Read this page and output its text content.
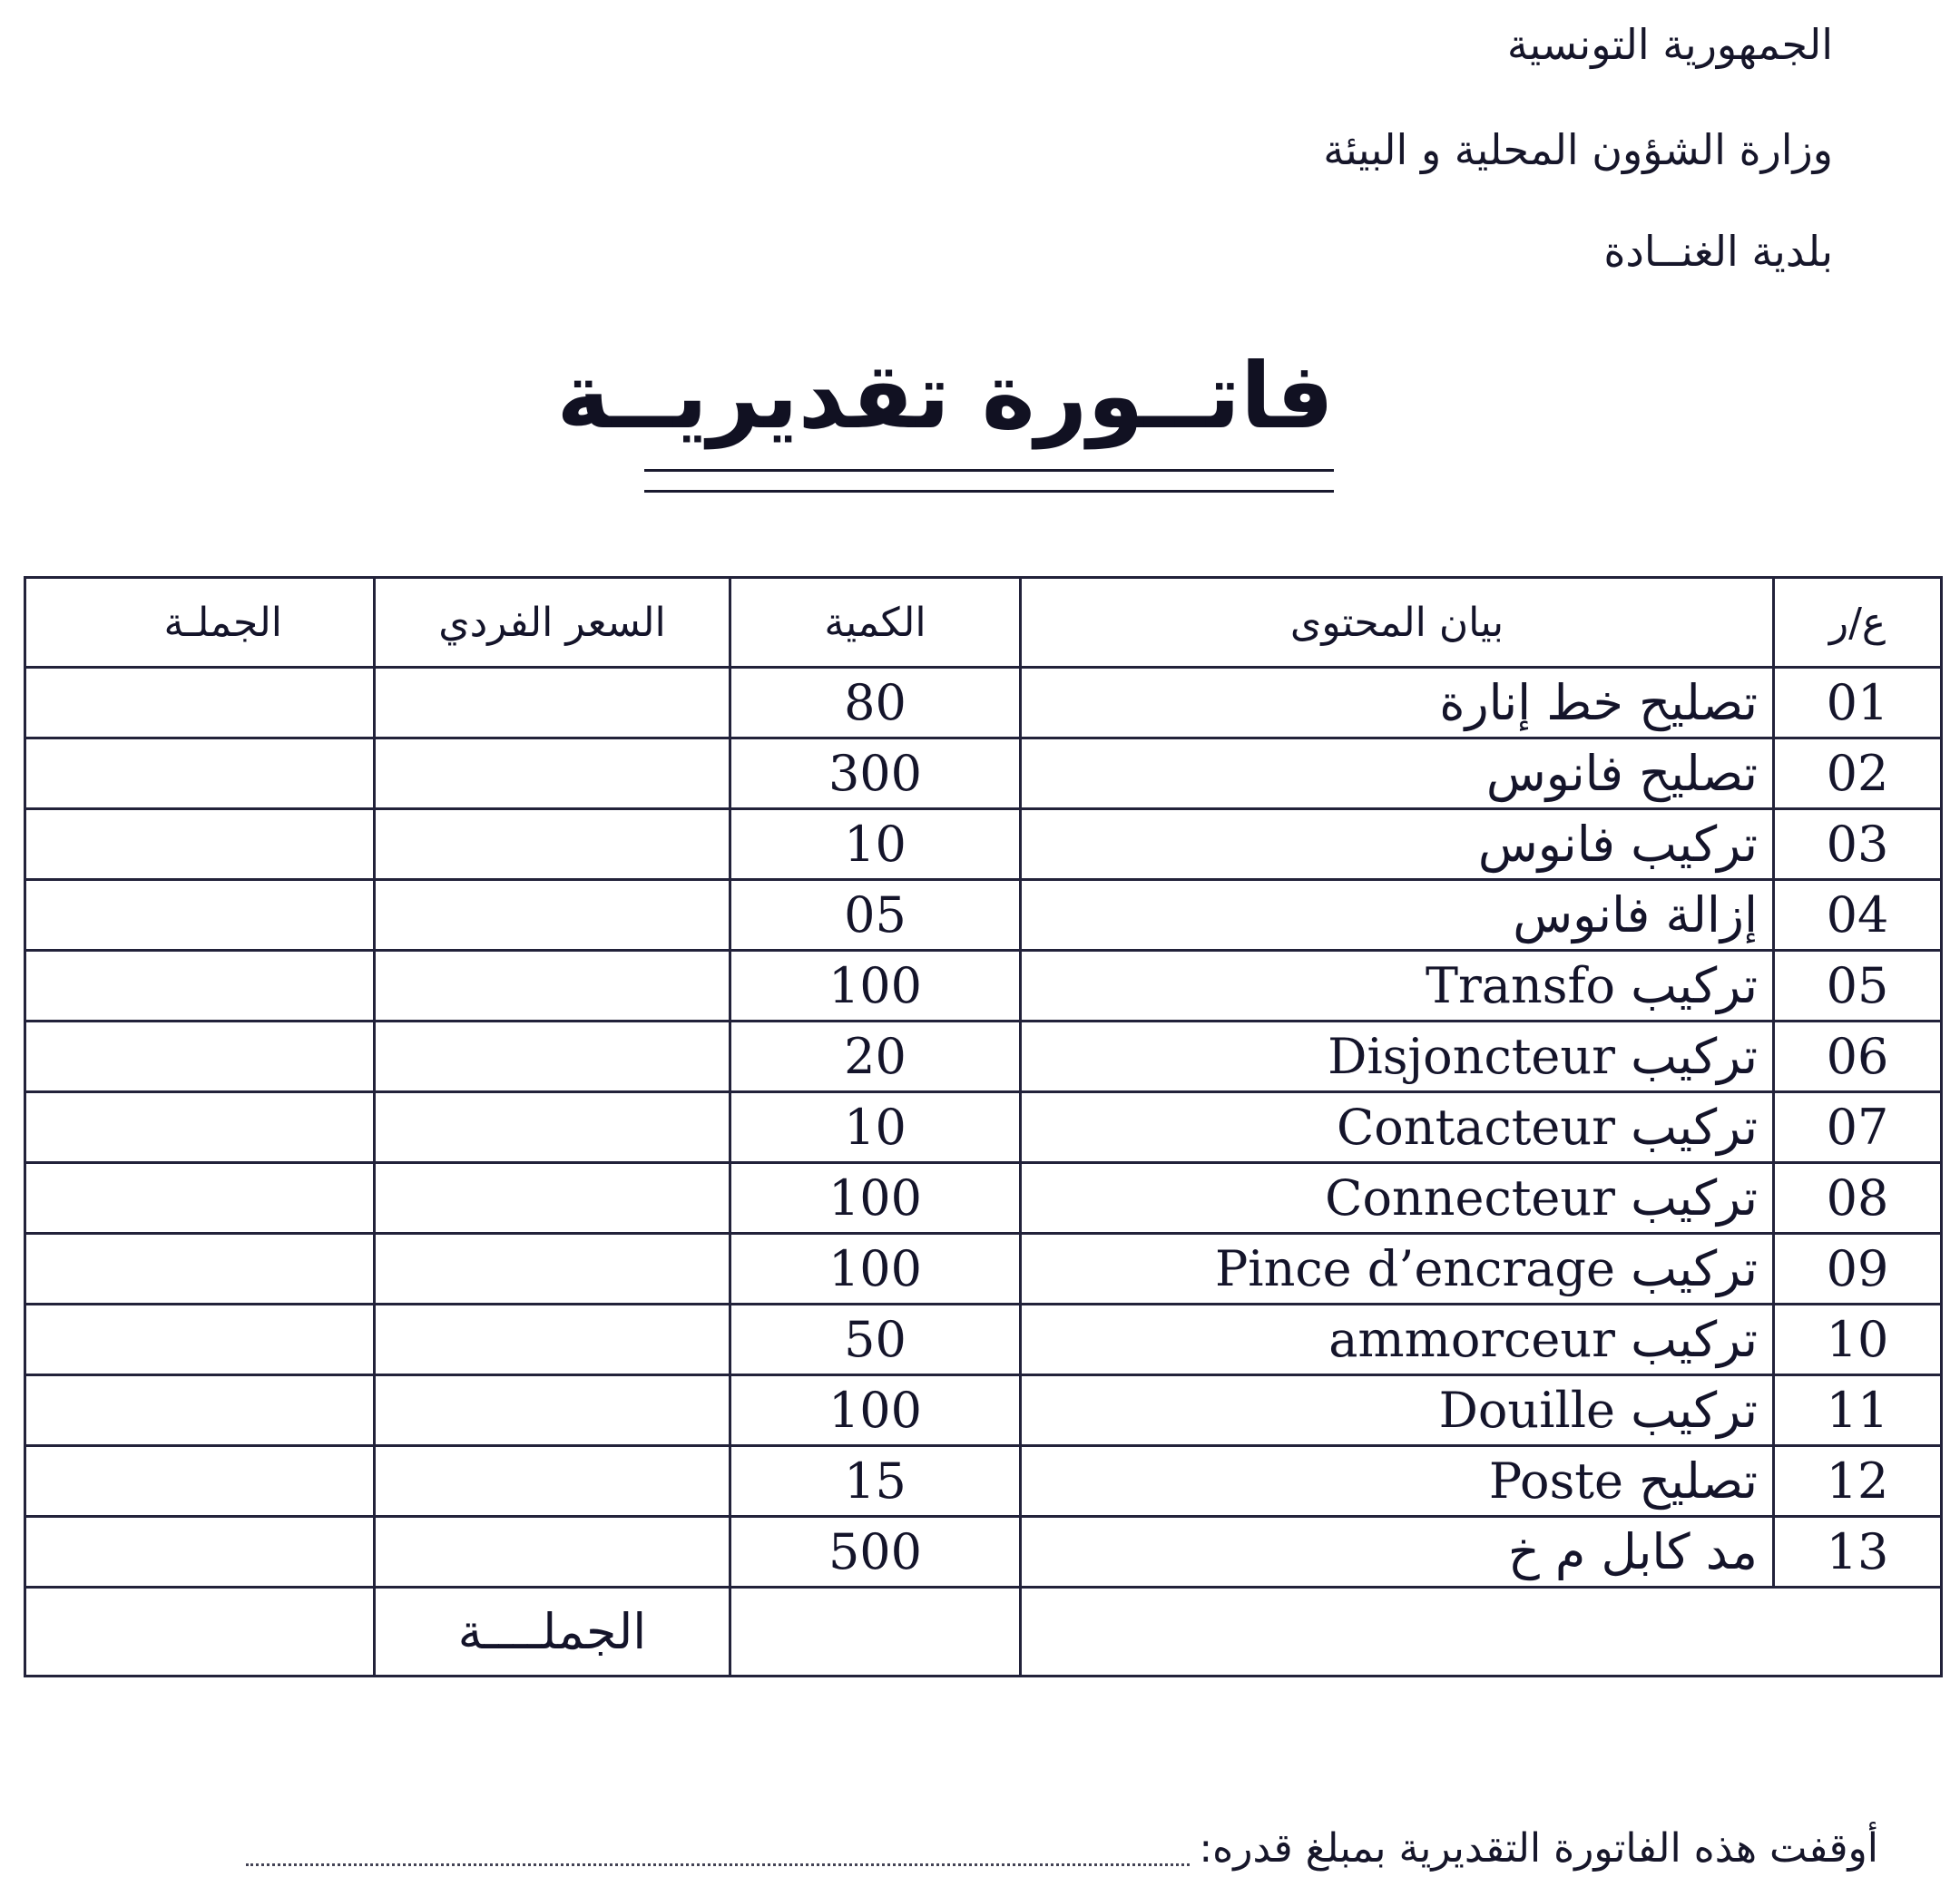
الجمهورية التونسية
وزارة الشؤون المحلية و البيئة
بلدية الغنــادة
فاتــورة تقديريــة
ع/ر	بيان المحتوى	الكمية	السعر الفردي	الجملـة
01	تصليح خط إنارة	80		
02	تصليح فانوس	300		
03	تركيب فانوس	10		
04	إزالة فانوس	05		
05	تركيب Transfo	100		
06	تركيب Disjoncteur	20		
07	تركيب Contacteur	10		
08	تركيب Connecteur	100		
09	تركيب Pince d’encrage	100		
10	تركيب ammorceur	50		
11	تركيب Douille	100		
12	تصليح Poste	15		
13	مد كابل م خ	500		
			الجملــــة	
أوقفت هذه الفاتورة التقديرية بمبلغ قدره:
